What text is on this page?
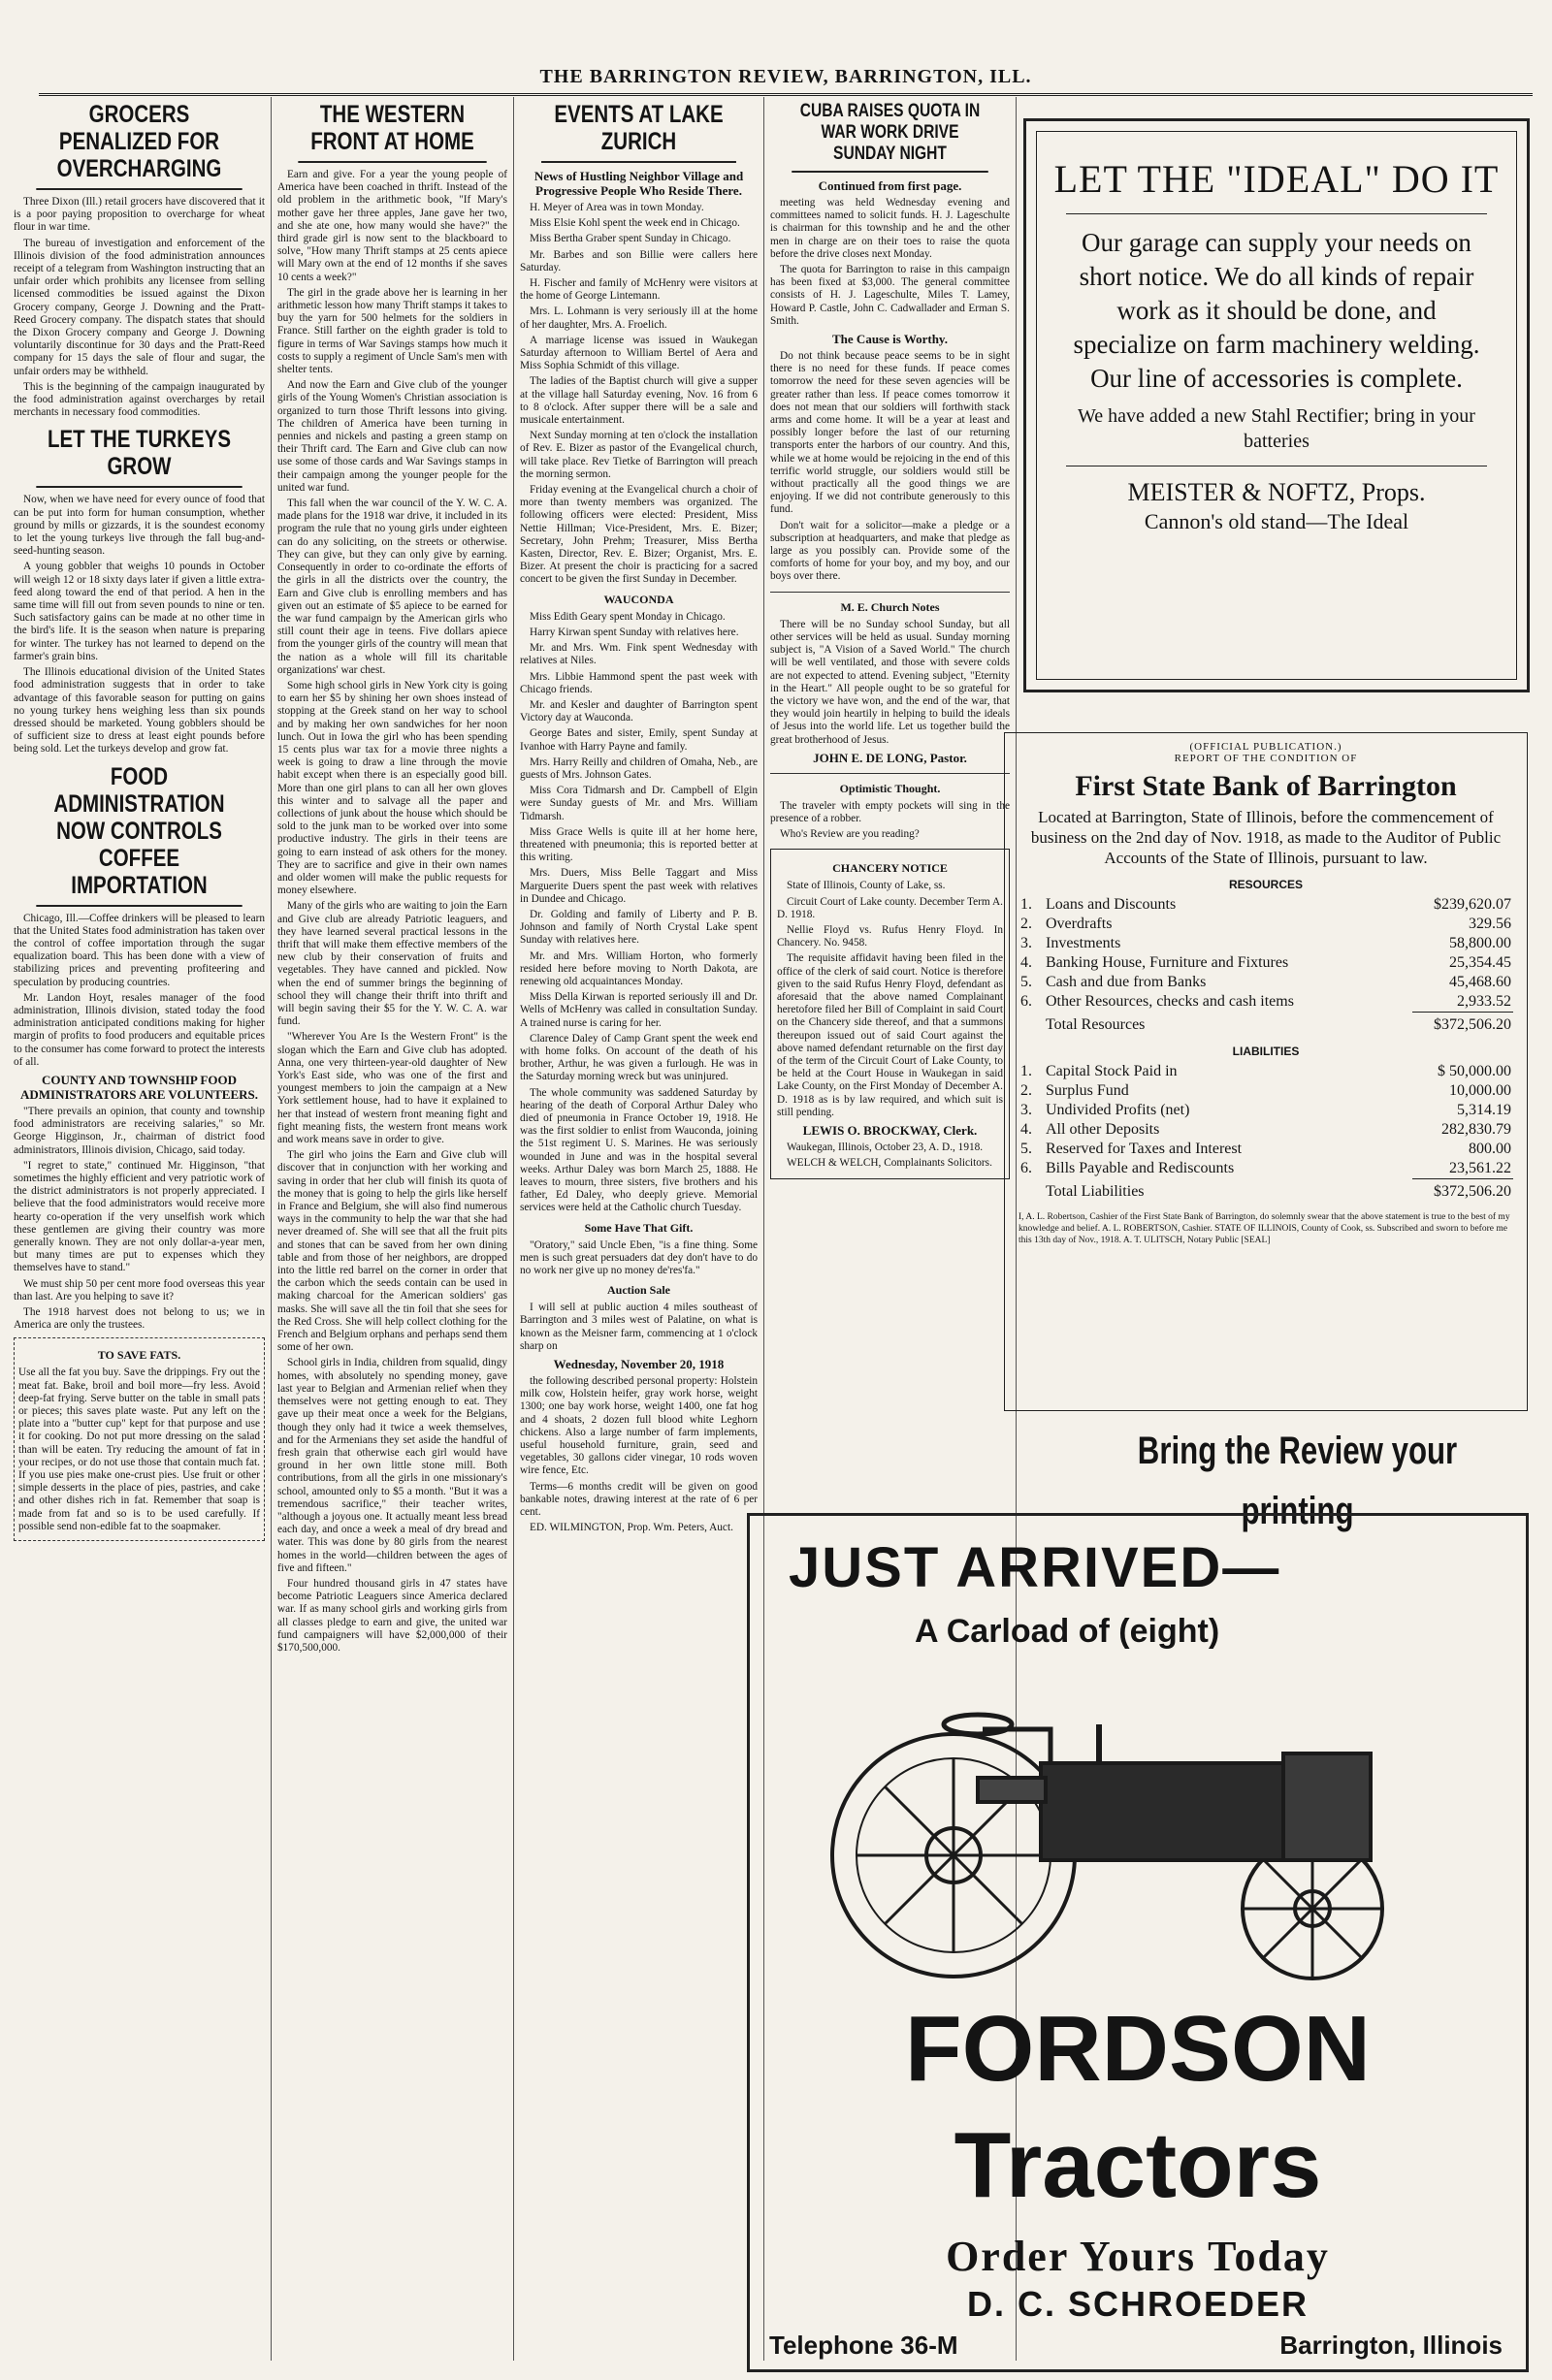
THE BARRINGTON REVIEW, BARRINGTON, ILL.
GROCERS PENALIZED FOR OVERCHARGING

Three Dixon (Ill.) retail grocers have discovered that it is a poor paying proposition to overcharge for wheat flour in war time.

The bureau of investigation and enforcement of the Illinois division of the food administration announces receipt of a telegram from Washington instructing that an unfair order which prohibits any licensee from selling licensed commodities be issued against the Dixon Grocery company, George J. Downing and the Pratt-Reed Grocery company. The dispatch states that should the Dixon Grocery company and George J. Downing voluntarily discontinue for 30 days and the Pratt-Reed company for 15 days the sale of flour and sugar, the unfair orders may be withheld.

This is the beginning of the campaign inaugurated by the food administration against overcharges by retail merchants in necessary food commodities.

LET THE TURKEYS GROW

Now, when we have need for every ounce of food that can be put into form for human consumption, whether ground by mills or gizzards, it is the soundest economy to let the young turkeys live through the fall bug-and-seed-hunting season.

A young gobbler that weighs 10 pounds in October will weigh 12 or 18 sixty days later if given a little extra-feed along toward the end of that period. A hen in the same time will fill out from seven pounds to nine or ten. Such satisfactory gains can be made at no other time in the bird's life. It is the season when nature is preparing for winter. The turkey has not learned to depend on the farmer's grain bins.

The Illinois educational division of the United States food administration suggests that in order to take advantage of this favorable season for putting on gains no young turkey hens weighing less than six pounds dressed should be marketed. Young gobblers should be of sufficient size to dress at least eight pounds before being sold. Let the turkeys develop and grow fat.

FOOD ADMINISTRATION NOW CONTROLS COFFEE IMPORTATION

Chicago, Ill.—Coffee drinkers will be pleased to learn that the United States food administration has taken over the control of coffee importation through the sugar equalization board. This has been done with a view of stabilizing prices and preventing profiteering and speculation by producing countries.

Mr. Landon Hoyt, resales manager of the food administration, Illinois division, stated today the food administration anticipated conditions making for higher margin of profits to food producers and equitable prices to the consumer has come forward to protect the interests of all.

COUNTY AND TOWNSHIP FOOD ADMINISTRATORS ARE VOLUNTEERS.

"There prevails an opinion, that county and township food administrators are receiving salaries," so Mr. George Higginson, Jr., chairman of district food administrators, Illinois division, Chicago, said today.

"I regret to state," continued Mr. Higginson, "that sometimes the highly efficient and very patriotic work of the district administrators is not properly appreciated. I believe that the food administrators would receive more hearty co-operation if the very unselfish work which these gentlemen are giving their country was more generally known. They are not only dollar-a-year men, but many times are put to expenses which they themselves have to stand."

We must ship 50 per cent more food overseas this year than last. Are you helping to save it?

The 1918 harvest does not belong to us; we in America are only the trustees.

TO SAVE FATS.

Use all the fat you buy. Save the drippings. Fry out the meat fat. Bake, broil and boil more—fry less. Avoid deep-fat frying. Serve butter on the table in small pats or pieces; this saves plate waste. Put any left on the plate into a "butter cup" kept for that purpose and use it for cooking. Do not put more dressing on the salad than will be eaten. Try reducing the amount of fat in your recipes, or do not use those that contain much fat. If you use pies make one-crust pies. Use fruit or other simple desserts in the place of pies, pastries, and cake and other dishes rich in fat. Remember that soap is made from fat and so is to be used carefully. If possible send non-edible fat to the soapmaker.

THE WESTERN FRONT AT HOME

Earn and give. For a year the young people of America have been coached in thrift. Instead of the old problem in the arithmetic book, "If Mary's mother gave her three apples, Jane gave her two, and she ate one, how many would she have?" the third grade girl is now sent to the blackboard to solve, "How many Thrift stamps at 25 cents apiece will Mary own at the end of 12 months if she saves 10 cents a week?"

The girl in the grade above her is learning in her arithmetic lesson how many Thrift stamps it takes to buy the yarn for 500 helmets for the soldiers in France. Still farther on the eighth grader is told to figure in terms of War Savings stamps how much it costs to supply a regiment of Uncle Sam's men with shelter tents.

And now the Earn and Give club of the younger girls of the Young Women's Christian association is organized to turn those Thrift lessons into giving. The children of America have been turning in pennies and nickels and pasting a green stamp on their Thrift card. The Earn and Give club can now use some of those cards and War Savings stamps in their campaign among the younger people for the united war fund.

This fall when the war council of the Y. W. C. A. made plans for the 1918 war drive, it included in its program the rule that no young girls under eighteen can do any soliciting, on the streets or otherwise. They can give, but they can only give by earning. Consequently in order to co-ordinate the efforts of the girls in all the districts over the country, the Earn and Give club is enrolling members and has given out an estimate of $5 apiece to be earned for the war fund campaign by the American girls who still count their age in teens. Five dollars apiece from the younger girls of the country will mean that the nation as a whole will fill its charitable organizations' war chest.

Some high school girls in New York city is going to earn her $5 by shining her own shoes instead of stopping at the Greek stand on her way to school and by making her own sandwiches for her noon lunch. Out in Iowa the girl who has been spending 15 cents plus war tax for a movie three nights a week is going to draw a line through the movie habit except when there is an especially good bill. More than one girl plans to can all her own gloves this winter and to salvage all the paper and collections of junk about the house which should be sold to the junk man to be worked over into some productive industry. The girls in their teens are going to earn instead of ask others for the money. They are to sacrifice and give in their own names and older women will make the public requests for money elsewhere.

Many of the girls who are waiting to join the Earn and Give club are already Patriotic leaguers, and they have learned several practical lessons in the thrift that will make them effective members of the new club by their conservation of fruits and vegetables. They have canned and pickled. Now when the end of summer brings the beginning of school they will change their thrift into thrift and will begin saving their $5 for the Y. W. C. A. war fund.

"Wherever You Are Is the Western Front" is the slogan which the Earn and Give club has adopted. Anna, one very thirteen-year-old daughter of New York's East side, who was one of the first and youngest members to join the campaign at a New York settlement house, had to have it explained to her that instead of western front meaning fight and fight meaning fists, the western front means work and work means save in order to give.

The girl who joins the Earn and Give club will discover that in conjunction with her working and saving in order that her club will finish its quota of the money that is going to help the girls like herself in France and Belgium, she will also find numerous ways in the community to help the war that she had never dreamed of. She will see that all the fruit pits and stones that can be saved from her own dining table and from those of her neighbors, are dropped into the little red barrel on the corner in order that the carbon which the seeds contain can be used in making charcoal for the American soldiers' gas masks. She will save all the tin foil that she sees for the Red Cross. She will help collect clothing for the French and Belgium orphans and perhaps send them some of her own.

School girls in India, children from squalid, dingy homes, with absolutely no spending money, gave last year to Belgian and Armenian relief when they themselves were not getting enough to eat. They gave up their meat once a week for the Belgians, though they only had it twice a week themselves, and for the Armenians they set aside the handful of fresh grain that otherwise each girl would have ground in her own little stone mill. Both contributions, from all the girls in one missionary's school, amounted only to $5 a month. "But it was a tremendous sacrifice," their teacher writes, "although a joyous one. It actually meant less bread each day, and once a week a meal of dry bread and water. This was done by 80 girls from the nearest homes in the world—children between the ages of five and fifteen."

Four hundred thousand girls in 47 states have become Patriotic Leaguers since America declared war. If as many school girls and working girls from all classes pledge to earn and give, the united war fund campaigners will have $2,000,000 of their $170,500,000.

EVENTS AT LAKE ZURICH
News of Hustling Neighbor Village and Progressive People Who Reside There.

H. Meyer of Area was in town Monday.

Miss Elsie Kohl spent the week end in Chicago.

Miss Bertha Graber spent Sunday in Chicago.

Mr. Barbes and son Billie were callers here Saturday.

H. Fischer and family of McHenry were visitors at the home of George Lintemann.

Mrs. L. Lohmann is very seriously ill at the home of her daughter, Mrs. A. Froelich.

A marriage license was issued in Waukegan Saturday afternoon to William Bertel of Aera and Miss Sophia Schmidt of this village.

The ladies of the Baptist church will give a supper at the village hall Saturday evening, Nov. 16 from 6 to 8 o'clock. After supper there will be a sale and musicale entertainment.

Next Sunday morning at ten o'clock the installation of Rev. E. Bizer as pastor of the Evangelical church, will take place. Rev Tietke of Barrington will preach the morning sermon.

Friday evening at the Evangelical church a choir of more than twenty members was organized. The following officers were elected: President, Miss Nettie Hillman; Vice-President, Mrs. E. Bizer; Secretary, John Prehm; Treasurer, Miss Bertha Kasten, Director, Rev. E. Bizer; Organist, Mrs. E. Bizer. At present the choir is practicing for a sacred concert to be given the first Sunday in December.

WAUCONDA

Miss Edith Geary spent Monday in Chicago.

Harry Kirwan spent Sunday with relatives here.

Mr. and Mrs. Wm. Fink spent Wednesday with relatives at Niles.

Mrs. Libbie Hammond spent the past week with Chicago friends.

Mr. and Kesler and daughter of Barrington spent Victory day at Wauconda.

George Bates and sister, Emily, spent Sunday at Ivanhoe with Harry Payne and family.

Mrs. Harry Reilly and children of Omaha, Neb., are guests of Mrs. Johnson Gates.

Miss Cora Tidmarsh and Dr. Campbell of Elgin were Sunday guests of Mr. and Mrs. William Tidmarsh.

Miss Grace Wells is quite ill at her home here, threatened with pneumonia; this is reported better at this writing.

Mrs. Duers, Miss Belle Taggart and Miss Marguerite Duers spent the past week with relatives in Dundee and Chicago.

Dr. Golding and family of Liberty and P. B. Johnson and family of North Crystal Lake spent Sunday with relatives here.

Mr. and Mrs. William Horton, who formerly resided here before moving to North Dakota, are renewing old acquaintances Monday.

Miss Della Kirwan is reported seriously ill and Dr. Wells of McHenry was called in consultation Sunday. A trained nurse is caring for her.

Clarence Daley of Camp Grant spent the week end with home folks. On account of the death of his brother, Arthur, he was given a furlough. He was in the Saturday morning wreck but was uninjured.

The whole community was saddened Saturday by hearing of the death of Corporal Arthur Daley who died of pneumonia in France October 19, 1918. He was the first soldier to enlist from Wauconda, joining the 51st regiment U. S. Marines. He was seriously wounded in June and was in the hospital several weeks. Arthur Daley was born March 25, 1888. He leaves to mourn, three sisters, five brothers and his father, Ed Daley, who deeply grieve. Memorial services were held at the Catholic church Tuesday.

Some Have That Gift.

"Oratory," said Uncle Eben, "is a fine thing. Some men is such great persuaders dat dey don't have to do no work ner give up no money de'res'fa."

Auction Sale

I will sell at public auction 4 miles southeast of Barrington and 3 miles west of Palatine, on what is known as the Meisner farm, commencing at 1 o'clock sharp on

Wednesday, November 20, 1918

the following described personal property: Holstein milk cow, Holstein heifer, gray work horse, weight 1300; one bay work horse, weight 1400, one fat hog and 4 shoats, 2 dozen full blood white Leghorn chickens. Also a large number of farm implements, useful household furniture, grain, seed and vegetables, 30 gallons cider vinegar, 10 rods woven wire fence, Etc.

Terms—6 months credit will be given on good bankable notes, drawing interest at the rate of 6 per cent.

ED. WILMINGTON, Prop. Wm. Peters, Auct.

CUBA RAISES QUOTA IN WAR WORK DRIVE SUNDAY NIGHT
Continued from first page.

meeting was held Wednesday evening and committees named to solicit funds. H. J. Lageschulte is chairman for this township and he and the other men in charge are on their toes to raise the quota before the drive closes next Monday.

The quota for Barrington to raise in this campaign has been fixed at $3,000. The general committee consists of H. J. Lageschulte, Miles T. Lamey, Howard P. Castle, John C. Cadwallader and Erman S. Smith.

The Cause is Worthy.

Do not think because peace seems to be in sight there is no need for these funds. If peace comes tomorrow the need for these seven agencies will be greater rather than less. If peace comes tomorrow it does not mean that our soldiers will forthwith stack arms and come home. It will be a year at least and possibly longer before the last of our returning transports enter the harbors of our country. And this, while we at home would be rejoicing in the end of this terrific world struggle, our soldiers would still be without practically all the good things we are enjoying. If we did not contribute generously to this fund.

Don't wait for a solicitor—make a pledge or a subscription at headquarters, and make that pledge as large as you possibly can. Provide some of the comforts of home for your boy, and my boy, and our boys over there.

M. E. Church Notes

There will be no Sunday school Sunday, but all other services will be held as usual. Sunday morning subject is, "A Vision of a Saved World." The church will be well ventilated, and those with severe colds are not expected to attend. Evening subject, "Eternity in the Heart." All people ought to be so grateful for the victory we have won, and the end of the war, that they would join heartily in helping to build the ideals of Jesus into the world life. Let us together build the great brotherhood of Jesus.

JOHN E. DE LONG, Pastor.
Optimistic Thought.

The traveler with empty pockets will sing in the presence of a robber.

Who's Review are you reading?

CHANCERY NOTICE

State of Illinois, County of Lake, ss.

Circuit Court of Lake county. December Term A. D. 1918.

Nellie Floyd vs. Rufus Henry Floyd. In Chancery. No. 9458.

The requisite affidavit having been filed in the office of the clerk of said court. Notice is therefore given to the said Rufus Henry Floyd, defendant as aforesaid that the above named Complainant heretofore filed her Bill of Complaint in said Court on the Chancery side thereof, and that a summons thereupon issued out of said Court against the above named defendant returnable on the first day of the term of the Circuit Court of Lake County, to be held at the Court House in Waukegan in said Lake County, on the First Monday of December A. D. 1918 as is by law required, and which suit is still pending.

LEWIS O. BROCKWAY, Clerk.

Waukegan, Illinois, October 23, A. D., 1918.

WELCH & WELCH, Complainants Solicitors.

LET THE "IDEAL" DO IT
Our garage can supply your needs on short notice. We do all kinds of repair work as it should be done, and specialize on farm machinery welding. Our line of accessories is complete.
We have added a new Stahl Rectifier; bring in your batteries
MEISTER & NOFTZ, Props.
Cannon's old stand—The Ideal
(OFFICIAL PUBLICATION.)
REPORT OF THE CONDITION OF
First State Bank of Barrington
Located at Barrington, State of Illinois, before the commencement of business on the 2nd day of Nov. 1918, as made to the Auditor of Public Accounts of the State of Illinois, pursuant to law.
RESOURCES
1.	Loans and Discounts	$239,620.07
2.	Overdrafts	329.56
3.	Investments	58,800.00
4.	Banking House, Furniture and Fixtures	25,354.45
5.	Cash and due from Banks	45,468.60
6.	Other Resources, checks and cash items	2,933.52
	Total Resources	$372,506.20
LIABILITIES
1.	Capital Stock Paid in	$ 50,000.00
2.	Surplus Fund	10,000.00
3.	Undivided Profits (net)	5,314.19
4.	All other Deposits	282,830.79
5.	Reserved for Taxes and Interest	800.00
6.	Bills Payable and Rediscounts	23,561.22
	Total Liabilities	$372,506.20
I, A. L. Robertson, Cashier of the First State Bank of Barrington, do solemnly swear that the above statement is true to the best of my knowledge and belief. A. L. ROBERTSON, Cashier. STATE OF ILLINOIS, County of Cook, ss. Subscribed and sworn to before me this 13th day of Nov., 1918. A. T. ULITSCH, Notary Public [SEAL]
Bring the Review your printing
JUST ARRIVED—
A Carload of (eight)
FORDSON
Tractors
Order Yours Today
D. C. SCHROEDER
Telephone 36-M	Barrington, Illinois
